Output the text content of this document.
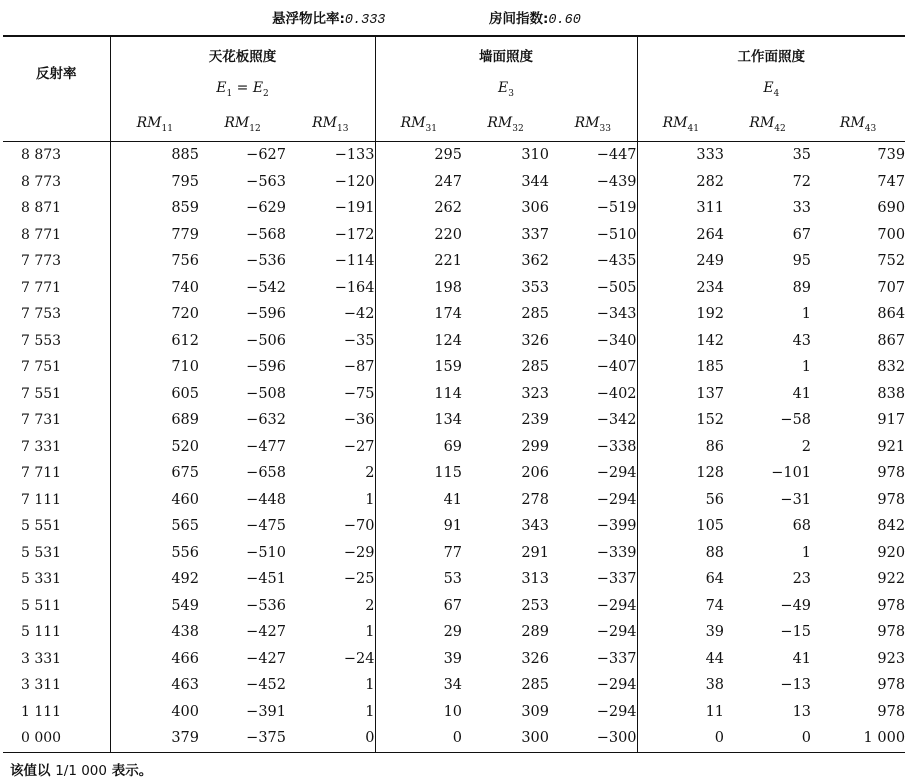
悬浮物比率:0.333	房间指数:0.60
反射率	天花板照度			墙面照度			工作面照度		
	$E_1 = E_2$			$E_3$			$E_4$
	$RM_{11}$	$RM_{12}$	$RM_{13}$	$RM_{31}$	$RM_{32}$	$RM_{33}$	$RM_{41}$	$RM_{42}$	$RM_{43}$
8 873	885	−627	−133	295	310	−447	333	35	739
8 773	795	−563	−120	247	344	−439	282	72	747
8 871	859	−629	−191	262	306	−519	311	33	690
8 771	779	−568	−172	220	337	−510	264	67	700
7 773	756	−536	−114	221	362	−435	249	95	752
7 771	740	−542	−164	198	353	−505	234	89	707
7 753	720	−596	−42	174	285	−343	192	1	864
7 553	612	−506	−35	124	326	−340	142	43	867
7 751	710	−596	−87	159	285	−407	185	1	832
7 551	605	−508	−75	114	323	−402	137	41	838
7 731	689	−632	−36	134	239	−342	152	−58	917
7 331	520	−477	−27	69	299	−338	86	2	921
7 711	675	−658	2	115	206	−294	128	−101	978
7 111	460	−448	1	41	278	−294	56	−31	978
5 551	565	−475	−70	91	343	−399	105	68	842
5 531	556	−510	−29	77	291	−339	88	1	920
5 331	492	−451	−25	53	313	−337	64	23	922
5 511	549	−536	2	67	253	−294	74	−49	978
5 111	438	−427	1	29	289	−294	39	−15	978
3 331	466	−427	−24	39	326	−337	44	41	923
3 311	463	−452	1	34	285	−294	38	−13	978
1 111	400	−391	1	10	309	−294	11	13	978
0 000	379	−375	0	0	300	−300	0	0	1 000
该值以 1/1 000 表示。
